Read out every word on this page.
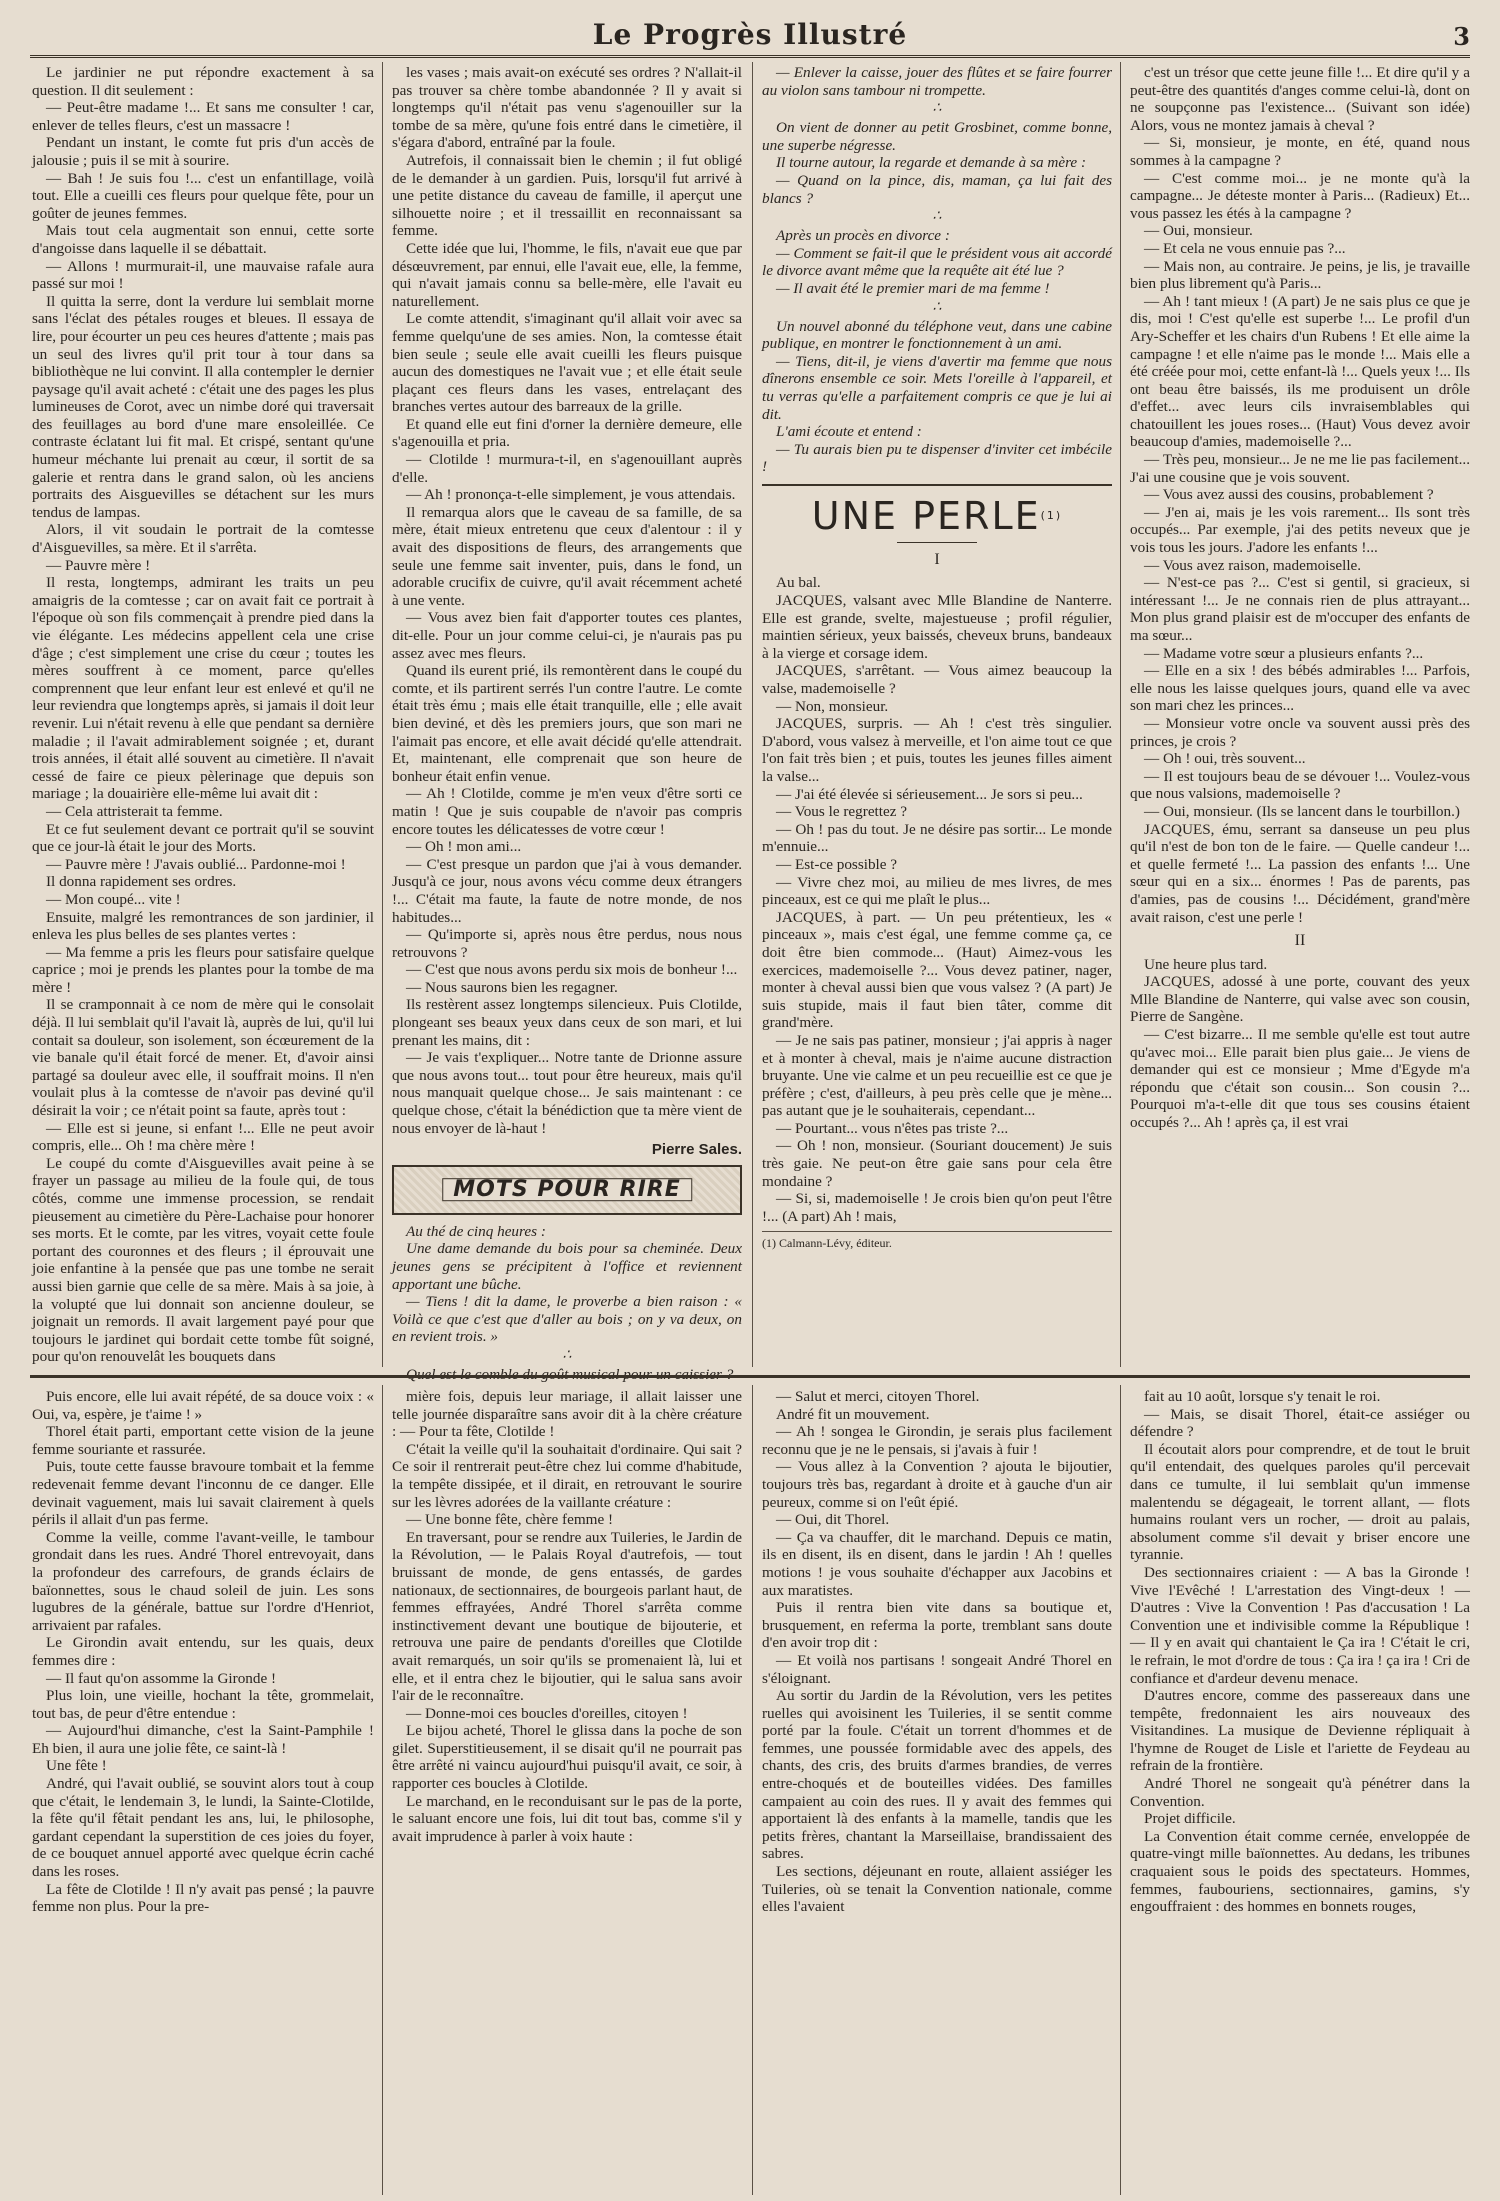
Le Progrès Illustré	3

Le jardinier ne put répondre exactement à sa question. Il dit seulement :

— Peut-être madame !... Et sans me consulter ! car, enlever de telles fleurs, c'est un massacre !

Pendant un instant, le comte fut pris d'un accès de jalousie ; puis il se mit à sourire.

— Bah ! Je suis fou !... c'est un enfantillage, voilà tout. Elle a cueilli ces fleurs pour quelque fête, pour un goûter de jeunes femmes.

Mais tout cela augmentait son ennui, cette sorte d'angoisse dans laquelle il se débattait.

— Allons ! murmurait-il, une mauvaise rafale aura passé sur moi !

Il quitta la serre, dont la verdure lui semblait morne sans l'éclat des pétales rouges et bleues. Il essaya de lire, pour écourter un peu ces heures d'attente ; mais pas un seul des livres qu'il prit tour à tour dans sa bibliothèque ne lui convint. Il alla contempler le dernier paysage qu'il avait acheté : c'était une des pages les plus lumineuses de Corot, avec un nimbe doré qui traversait des feuillages au bord d'une mare ensoleillée. Ce contraste éclatant lui fit mal. Et crispé, sentant qu'une humeur méchante lui prenait au cœur, il sortit de sa galerie et rentra dans le grand salon, où les anciens portraits des Aisguevilles se détachent sur les murs tendus de lampas.

Alors, il vit soudain le portrait de la comtesse d'Aisguevilles, sa mère. Et il s'arrêta.

— Pauvre mère !

Il resta, longtemps, admirant les traits un peu amaigris de la comtesse ; car on avait fait ce portrait à l'époque où son fils commençait à prendre pied dans la vie élégante. Les médecins appellent cela une crise d'âge ; c'est simplement une crise du cœur ; toutes les mères souffrent à ce moment, parce qu'elles comprennent que leur enfant leur est enlevé et qu'il ne leur reviendra que longtemps après, si jamais il doit leur revenir. Lui n'était revenu à elle que pendant sa dernière maladie ; il l'avait admirablement soignée ; et, durant trois années, il était allé souvent au cimetière. Il n'avait cessé de faire ce pieux pèlerinage que depuis son mariage ; la douairière elle-même lui avait dit :

— Cela attristerait ta femme.

Et ce fut seulement devant ce portrait qu'il se souvint que ce jour-là était le jour des Morts.

— Pauvre mère ! J'avais oublié... Pardonne-moi !

Il donna rapidement ses ordres.

— Mon coupé... vite !

Ensuite, malgré les remontrances de son jardinier, il enleva les plus belles de ses plantes vertes :

— Ma femme a pris les fleurs pour satisfaire quelque caprice ; moi je prends les plantes pour la tombe de ma mère !

Il se cramponnait à ce nom de mère qui le consolait déjà. Il lui semblait qu'il l'avait là, auprès de lui, qu'il lui contait sa douleur, son isolement, son écœurement de la vie banale qu'il était forcé de mener. Et, d'avoir ainsi partagé sa douleur avec elle, il souffrait moins. Il n'en voulait plus à la comtesse de n'avoir pas deviné qu'il désirait la voir ; ce n'était point sa faute, après tout :

— Elle est si jeune, si enfant !... Elle ne peut avoir compris, elle... Oh ! ma chère mère !

Le coupé du comte d'Aisguevilles avait peine à se frayer un passage au milieu de la foule qui, de tous côtés, comme une immense procession, se rendait pieusement au cimetière du Père-Lachaise pour honorer ses morts. Et le comte, par les vitres, voyait cette foule portant des couronnes et des fleurs ; il éprouvait une joie enfantine à la pensée que pas une tombe ne serait aussi bien garnie que celle de sa mère. Mais à sa joie, à la volupté que lui donnait son ancienne douleur, se joignait un remords. Il avait largement payé pour que toujours le jardinet qui bordait cette tombe fût soigné, pour qu'on renouvelât les bouquets dans

les vases ; mais avait-on exécuté ses ordres ? N'allait-il pas trouver sa chère tombe abandonnée ? Il y avait si longtemps qu'il n'était pas venu s'agenouiller sur la tombe de sa mère, qu'une fois entré dans le cimetière, il s'égara d'abord, entraîné par la foule.

Autrefois, il connaissait bien le chemin ; il fut obligé de le demander à un gardien. Puis, lorsqu'il fut arrivé à une petite distance du caveau de famille, il aperçut une silhouette noire ; et il tressaillit en reconnaissant sa femme.

Cette idée que lui, l'homme, le fils, n'avait eue que par désœuvrement, par ennui, elle l'avait eue, elle, la femme, qui n'avait jamais connu sa belle-mère, elle l'avait eu naturellement.

Le comte attendit, s'imaginant qu'il allait voir avec sa femme quelqu'une de ses amies. Non, la comtesse était bien seule ; seule elle avait cueilli les fleurs puisque aucun des domestiques ne l'avait vue ; et elle était seule plaçant ces fleurs dans les vases, entrelaçant des branches vertes autour des barreaux de la grille.

Et quand elle eut fini d'orner la dernière demeure, elle s'agenouilla et pria.

— Clotilde ! murmura-t-il, en s'agenouillant auprès d'elle.

— Ah ! prononça-t-elle simplement, je vous attendais.

Il remarqua alors que le caveau de sa famille, de sa mère, était mieux entretenu que ceux d'alentour : il y avait des dispositions de fleurs, des arrangements que seule une femme sait inventer, puis, dans le fond, un adorable crucifix de cuivre, qu'il avait récemment acheté à une vente.

— Vous avez bien fait d'apporter toutes ces plantes, dit-elle. Pour un jour comme celui-ci, je n'aurais pas pu assez avec mes fleurs.

Quand ils eurent prié, ils remontèrent dans le coupé du comte, et ils partirent serrés l'un contre l'autre. Le comte était très ému ; mais elle était tranquille, elle ; elle avait bien deviné, et dès les premiers jours, que son mari ne l'aimait pas encore, et elle avait décidé qu'elle attendrait. Et, maintenant, elle comprenait que son heure de bonheur était enfin venue.

— Ah ! Clotilde, comme je m'en veux d'être sorti ce matin ! Que je suis coupable de n'avoir pas compris encore toutes les délicatesses de votre cœur !

— Oh ! mon ami...

— C'est presque un pardon que j'ai à vous demander. Jusqu'à ce jour, nous avons vécu comme deux étrangers !... C'était ma faute, la faute de notre monde, de nos habitudes...

— Qu'importe si, après nous être perdus, nous nous retrouvons ?

— C'est que nous avons perdu six mois de bonheur !...

— Nous saurons bien les regagner.

Ils restèrent assez longtemps silencieux. Puis Clotilde, plongeant ses beaux yeux dans ceux de son mari, et lui prenant les mains, dit :

— Je vais t'expliquer... Notre tante de Drionne assure que nous avons tout... tout pour être heureux, mais qu'il nous manquait quelque chose... Je sais maintenant : ce quelque chose, c'était la bénédiction que ta mère vient de nous envoyer de là-haut !

Pierre Sales.
MOTS POUR RIRE

Au thé de cinq heures :

Une dame demande du bois pour sa cheminée. Deux jeunes gens se précipitent à l'office et reviennent apportant une bûche.

— Tiens ! dit la dame, le proverbe a bien raison : « Voilà ce que c'est que d'aller au bois ; on y va deux, on en revient trois. »

∴

Quel est le comble du goût musical pour un caissier ?

— Enlever la caisse, jouer des flûtes et se faire fourrer au violon sans tambour ni trompette.

∴

On vient de donner au petit Grosbinet, comme bonne, une superbe négresse.

Il tourne autour, la regarde et demande à sa mère :

— Quand on la pince, dis, maman, ça lui fait des blancs ?

∴

Après un procès en divorce :

— Comment se fait-il que le président vous ait accordé le divorce avant même que la requête ait été lue ?

— Il avait été le premier mari de ma femme !

∴

Un nouvel abonné du téléphone veut, dans une cabine publique, en montrer le fonctionnement à un ami.

— Tiens, dit-il, je viens d'avertir ma femme que nous dînerons ensemble ce soir. Mets l'oreille à l'appareil, et tu verras qu'elle a parfaitement compris ce que je lui ai dit.

L'ami écoute et entend :

— Tu aurais bien pu te dispenser d'inviter cet imbécile !

UNE PERLE$^{(1)}$
I

Au bal.

JACQUES, valsant avec Mlle Blandine de Nanterre. Elle est grande, svelte, majestueuse ; profil régulier, maintien sérieux, yeux baissés, cheveux bruns, bandeaux à la vierge et corsage idem.

JACQUES, s'arrêtant. — Vous aimez beaucoup la valse, mademoiselle ?

— Non, monsieur.

JACQUES, surpris. — Ah ! c'est très singulier. D'abord, vous valsez à merveille, et l'on aime tout ce que l'on fait très bien ; et puis, toutes les jeunes filles aiment la valse...

— J'ai été élevée si sérieusement... Je sors si peu...

— Vous le regrettez ?

— Oh ! pas du tout. Je ne désire pas sortir... Le monde m'ennuie...

— Est-ce possible ?

— Vivre chez moi, au milieu de mes livres, de mes pinceaux, est ce qui me plaît le plus...

JACQUES, à part. — Un peu prétentieux, les « pinceaux », mais c'est égal, une femme comme ça, ce doit être bien commode... (Haut) Aimez-vous les exercices, mademoiselle ?... Vous devez patiner, nager, monter à cheval aussi bien que vous valsez ? (A part) Je suis stupide, mais il faut bien tâter, comme dit grand'mère.

— Je ne sais pas patiner, monsieur ; j'ai appris à nager et à monter à cheval, mais je n'aime aucune distraction bruyante. Une vie calme et un peu recueillie est ce que je préfère ; c'est, d'ailleurs, à peu près celle que je mène... pas autant que je le souhaiterais, cependant...

— Pourtant... vous n'êtes pas triste ?...

— Oh ! non, monsieur. (Souriant doucement) Je suis très gaie. Ne peut-on être gaie sans pour cela être mondaine ?

— Si, si, mademoiselle ! Je crois bien qu'on peut l'être !... (A part) Ah ! mais,

(1) Calmann-Lévy, éditeur.

c'est un trésor que cette jeune fille !... Et dire qu'il y a peut-être des quantités d'anges comme celui-là, dont on ne soupçonne pas l'existence... (Suivant son idée) Alors, vous ne montez jamais à cheval ?

— Si, monsieur, je monte, en été, quand nous sommes à la campagne ?

— C'est comme moi... je ne monte qu'à la campagne... Je déteste monter à Paris... (Radieux) Et... vous passez les étés à la campagne ?

— Oui, monsieur.

— Et cela ne vous ennuie pas ?...

— Mais non, au contraire. Je peins, je lis, je travaille bien plus librement qu'à Paris...

— Ah ! tant mieux ! (A part) Je ne sais plus ce que je dis, moi ! C'est qu'elle est superbe !... Le profil d'un Ary-Scheffer et les chairs d'un Rubens ! Et elle aime la campagne ! et elle n'aime pas le monde !... Mais elle a été créée pour moi, cette enfant-là !... Quels yeux !... Ils ont beau être baissés, ils me produisent un drôle d'effet... avec leurs cils invraisemblables qui chatouillent les joues roses... (Haut) Vous devez avoir beaucoup d'amies, mademoiselle ?...

— Très peu, monsieur... Je ne me lie pas facilement... J'ai une cousine que je vois souvent.

— Vous avez aussi des cousins, probablement ?

— J'en ai, mais je les vois rarement... Ils sont très occupés... Par exemple, j'ai des petits neveux que je vois tous les jours. J'adore les enfants !...

— Vous avez raison, mademoiselle.

— N'est-ce pas ?... C'est si gentil, si gracieux, si intéressant !... Je ne connais rien de plus attrayant... Mon plus grand plaisir est de m'occuper des enfants de ma sœur...

— Madame votre sœur a plusieurs enfants ?...

— Elle en a six ! des bébés admirables !... Parfois, elle nous les laisse quelques jours, quand elle va avec son mari chez les princes...

— Monsieur votre oncle va souvent aussi près des princes, je crois ?

— Oh ! oui, très souvent...

— Il est toujours beau de se dévouer !... Voulez-vous que nous valsions, mademoiselle ?

— Oui, monsieur. (Ils se lancent dans le tourbillon.)

JACQUES, ému, serrant sa danseuse un peu plus qu'il n'est de bon ton de le faire. — Quelle candeur !... et quelle fermeté !... La passion des enfants !... Une sœur qui en a six... énormes ! Pas de parents, pas d'amies, pas de cousins !... Décidément, grand'mère avait raison, c'est une perle !

II

Une heure plus tard.

JACQUES, adossé à une porte, couvant des yeux Mlle Blandine de Nanterre, qui valse avec son cousin, Pierre de Sangène.

— C'est bizarre... Il me semble qu'elle est tout autre qu'avec moi... Elle parait bien plus gaie... Je viens de demander qui est ce monsieur ; Mme d'Egyde m'a répondu que c'était son cousin... Son cousin ?... Pourquoi m'a-t-elle dit que tous ses cousins étaient occupés ?... Ah ! après ça, il est vrai

Puis encore, elle lui avait répété, de sa douce voix : « Oui, va, espère, je t'aime ! »

Thorel était parti, emportant cette vision de la jeune femme souriante et rassurée.

Puis, toute cette fausse bravoure tombait et la femme redevenait femme devant l'inconnu de ce danger. Elle devinait vaguement, mais lui savait clairement à quels périls il allait d'un pas ferme.

Comme la veille, comme l'avant-veille, le tambour grondait dans les rues. André Thorel entrevoyait, dans la profondeur des carrefours, de grands éclairs de baïonnettes, sous le chaud soleil de juin. Les sons lugubres de la générale, battue sur l'ordre d'Henriot, arrivaient par rafales.

Le Girondin avait entendu, sur les quais, deux femmes dire :

— Il faut qu'on assomme la Gironde !

Plus loin, une vieille, hochant la tête, grommelait, tout bas, de peur d'être entendue :

— Aujourd'hui dimanche, c'est la Saint-Pamphile ! Eh bien, il aura une jolie fête, ce saint-là !

Une fête !

André, qui l'avait oublié, se souvint alors tout à coup que c'était, le lendemain 3, le lundi, la Sainte-Clotilde, la fête qu'il fêtait pendant les ans, lui, le philosophe, gardant cependant la superstition de ces joies du foyer, de ce bouquet annuel apporté avec quelque écrin caché dans les roses.

La fête de Clotilde ! Il n'y avait pas pensé ; la pauvre femme non plus. Pour la pre-

mière fois, depuis leur mariage, il allait laisser une telle journée disparaître sans avoir dit à la chère créature : — Pour ta fête, Clotilde !

C'était la veille qu'il la souhaitait d'ordinaire. Qui sait ? Ce soir il rentrerait peut-être chez lui comme d'habitude, la tempête dissipée, et il dirait, en retrouvant le sourire sur les lèvres adorées de la vaillante créature :

— Une bonne fête, chère femme !

En traversant, pour se rendre aux Tuileries, le Jardin de la Révolution, — le Palais Royal d'autrefois, — tout bruissant de monde, de gens entassés, de gardes nationaux, de sectionnaires, de bourgeois parlant haut, de femmes effrayées, André Thorel s'arrêta comme instinctivement devant une boutique de bijouterie, et retrouva une paire de pendants d'oreilles que Clotilde avait remarqués, un soir qu'ils se promenaient là, lui et elle, et il entra chez le bijoutier, qui le salua sans avoir l'air de le reconnaître.

— Donne-moi ces boucles d'oreilles, citoyen !

Le bijou acheté, Thorel le glissa dans la poche de son gilet. Superstitieusement, il se disait qu'il ne pourrait pas être arrêté ni vaincu aujourd'hui puisqu'il avait, ce soir, à rapporter ces boucles à Clotilde.

Le marchand, en le reconduisant sur le pas de la porte, le saluant encore une fois, lui dit tout bas, comme s'il y avait imprudence à parler à voix haute :

— Salut et merci, citoyen Thorel.

André fit un mouvement.

— Ah ! songea le Girondin, je serais plus facilement reconnu que je ne le pensais, si j'avais à fuir !

— Vous allez à la Convention ? ajouta le bijoutier, toujours très bas, regardant à droite et à gauche d'un air peureux, comme si on l'eût épié.

— Oui, dit Thorel.

— Ça va chauffer, dit le marchand. Depuis ce matin, ils en disent, ils en disent, dans le jardin ! Ah ! quelles motions ! je vous souhaite d'échapper aux Jacobins et aux maratistes.

Puis il rentra bien vite dans sa boutique et, brusquement, en referma la porte, tremblant sans doute d'en avoir trop dit :

— Et voilà nos partisans ! songeait André Thorel en s'éloignant.

Au sortir du Jardin de la Révolution, vers les petites ruelles qui avoisinent les Tuileries, il se sentit comme porté par la foule. C'était un torrent d'hommes et de femmes, une poussée formidable avec des appels, des chants, des cris, des bruits d'armes brandies, de verres entre-choqués et de bouteilles vidées. Des familles campaient au coin des rues. Il y avait des femmes qui apportaient là des enfants à la mamelle, tandis que les petits frères, chantant la Marseillaise, brandissaient des sabres.

Les sections, déjeunant en route, allaient assiéger les Tuileries, où se tenait la Convention nationale, comme elles l'avaient

fait au 10 août, lorsque s'y tenait le roi.

— Mais, se disait Thorel, était-ce assiéger ou défendre ?

Il écoutait alors pour comprendre, et de tout le bruit qu'il entendait, des quelques paroles qu'il percevait dans ce tumulte, il lui semblait qu'un immense malentendu se dégageait, le torrent allant, — flots humains roulant vers un rocher, — droit au palais, absolument comme s'il devait y briser encore une tyrannie.

Des sectionnaires criaient : — A bas la Gironde ! Vive l'Evêché ! L'arrestation des Vingt-deux ! — D'autres : Vive la Convention ! Pas d'accusation ! La Convention une et indivisible comme la République ! — Il y en avait qui chantaient le Ça ira ! C'était le cri, le refrain, le mot d'ordre de tous : Ça ira ! ça ira ! Cri de confiance et d'ardeur devenu menace.

D'autres encore, comme des passereaux dans une tempête, fredonnaient les airs nouveaux des Visitandines. La musique de Devienne répliquait à l'hymne de Rouget de Lisle et l'ariette de Feydeau au refrain de la frontière.

André Thorel ne songeait qu'à pénétrer dans la Convention.

Projet difficile.

La Convention était comme cernée, enveloppée de quatre-vingt mille baïonnettes. Au dedans, les tribunes craquaient sous le poids des spectateurs. Hommes, femmes, faubouriens, sectionnaires, gamins, s'y engouffraient : des hommes en bonnets rouges,
